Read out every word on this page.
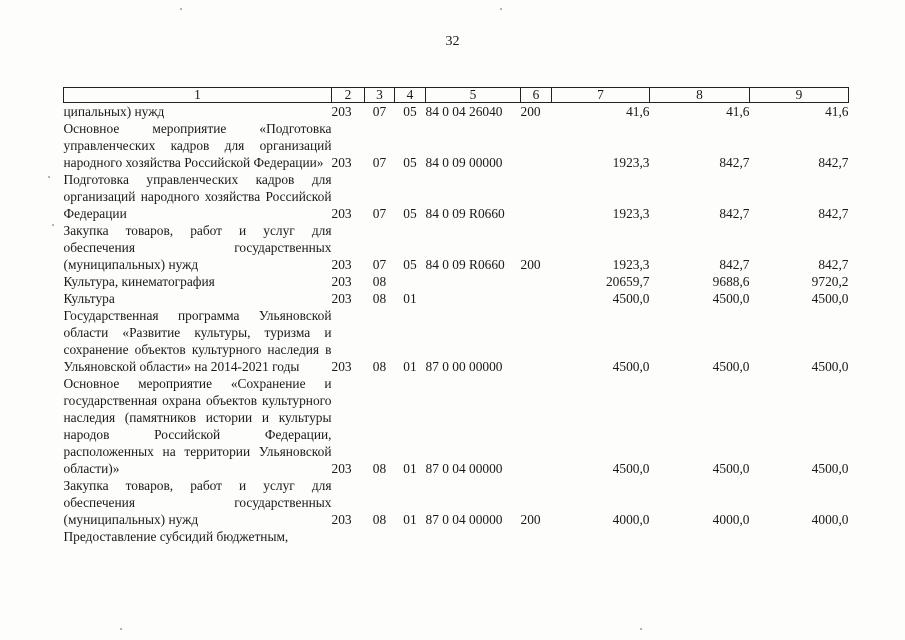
32
1	2	3	4	5	6	7	8	9
ципальных) нужд	203	07	05	84 0 04 26040	200	41,6	41,6	41,6
Основное мероприятие «Подготовка управленческих кадров для организаций народного хозяйства Российской Федерации»	203	07	05	84 0 09 00000		1923,3	842,7	842,7
Подготовка управленческих кадров для организаций народного хозяйства Российской Федерации	203	07	05	84 0 09 R0660		1923,3	842,7	842,7
Закупка товаров, работ и услуг для обеспечения государственных (муниципальных) нужд	203	07	05	84 0 09 R0660	200	1923,3	842,7	842,7
Культура, кинематография	203	08				20659,7	9688,6	9720,2
Культура	203	08	01			4500,0	4500,0	4500,0
Государственная программа Ульяновской области «Развитие культуры, туризма и сохранение объектов культурного наследия в Ульяновской области» на 2014-2021 годы	203	08	01	87 0 00 00000		4500,0	4500,0	4500,0
Основное мероприятие «Сохранение и государственная охрана объектов культурного наследия (памятников истории и культуры народов Российской Федерации, расположенных на территории Ульяновской области)»	203	08	01	87 0 04 00000		4500,0	4500,0	4500,0
Закупка товаров, работ и услуг для обеспечения государственных (муниципальных) нужд	203	08	01	87 0 04 00000	200	4000,0	4000,0	4000,0
Предоставление субсидий бюджетным,								
